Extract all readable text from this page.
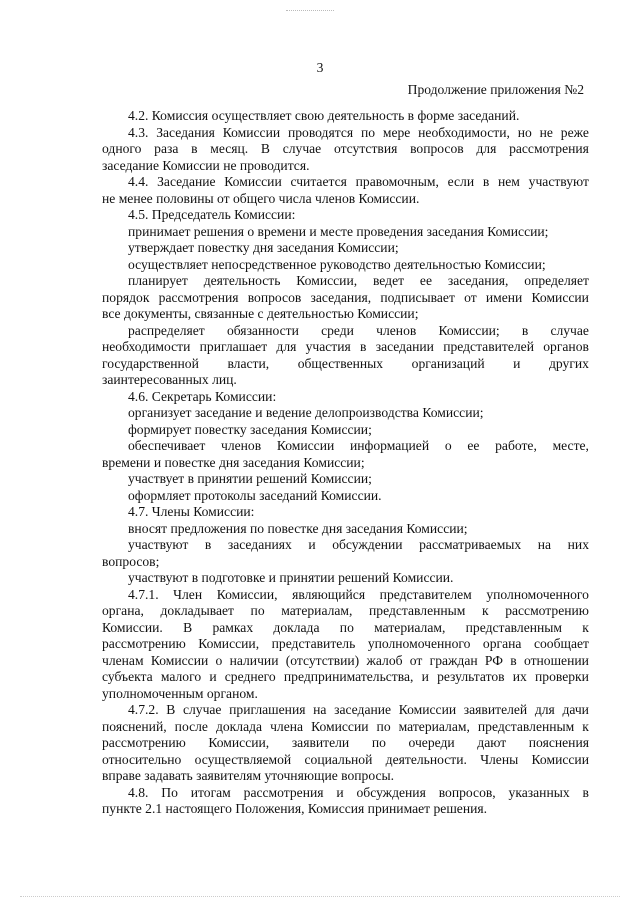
3
Продолжение приложения №2
4.2. Комиссия осуществляет свою деятельность в форме заседаний.
4.3. Заседания Комиссии проводятся по мере необходимости, но не реже
одного раза в месяц. В случае отсутствия вопросов для рассмотрения
заседание Комиссии не проводится.
4.4. Заседание Комиссии считается правомочным, если в нем участвуют
не менее половины от общего числа членов Комиссии.
4.5. Председатель Комиссии:
принимает решения о времени и месте проведения заседания Комиссии;
утверждает повестку дня заседания Комиссии;
осуществляет непосредственное руководство деятельностью Комиссии;
планирует деятельность Комиссии, ведет ее заседания, определяет
порядок рассмотрения вопросов заседания, подписывает от имени Комиссии
все документы, связанные с деятельностью Комиссии;
распределяет обязанности среди членов Комиссии; в случае
необходимости приглашает для участия в заседании представителей органов
государственной власти, общественных организаций и других
заинтересованных лиц.
4.6. Секретарь Комиссии:
организует заседание и ведение делопроизводства Комиссии;
формирует повестку заседания Комиссии;
обеспечивает членов Комиссии информацией о ее работе, месте,
времени и повестке дня заседания Комиссии;
участвует в принятии решений Комиссии;
оформляет протоколы заседаний Комиссии.
4.7. Члены Комиссии:
вносят предложения по повестке дня заседания Комиссии;
участвуют в заседаниях и обсуждении рассматриваемых на них
вопросов;
участвуют в подготовке и принятии решений Комиссии.
4.7.1. Член Комиссии, являющийся представителем уполномоченного
органа, докладывает по материалам, представленным к рассмотрению
Комиссии. В рамках доклада по материалам, представленным к
рассмотрению Комиссии, представитель уполномоченного органа сообщает
членам Комиссии о наличии (отсутствии) жалоб от граждан РФ в отношении
субъекта малого и среднего предпринимательства, и результатов их проверки
уполномоченным органом.
4.7.2. В случае приглашения на заседание Комиссии заявителей для дачи
пояснений, после доклада члена Комиссии по материалам, представленным к
рассмотрению Комиссии, заявители по очереди дают пояснения
относительно осуществляемой социальной деятельности. Члены Комиссии
вправе задавать заявителям уточняющие вопросы.
4.8. По итогам рассмотрения и обсуждения вопросов, указанных в
пункте 2.1 настоящего Положения, Комиссия принимает решения.
